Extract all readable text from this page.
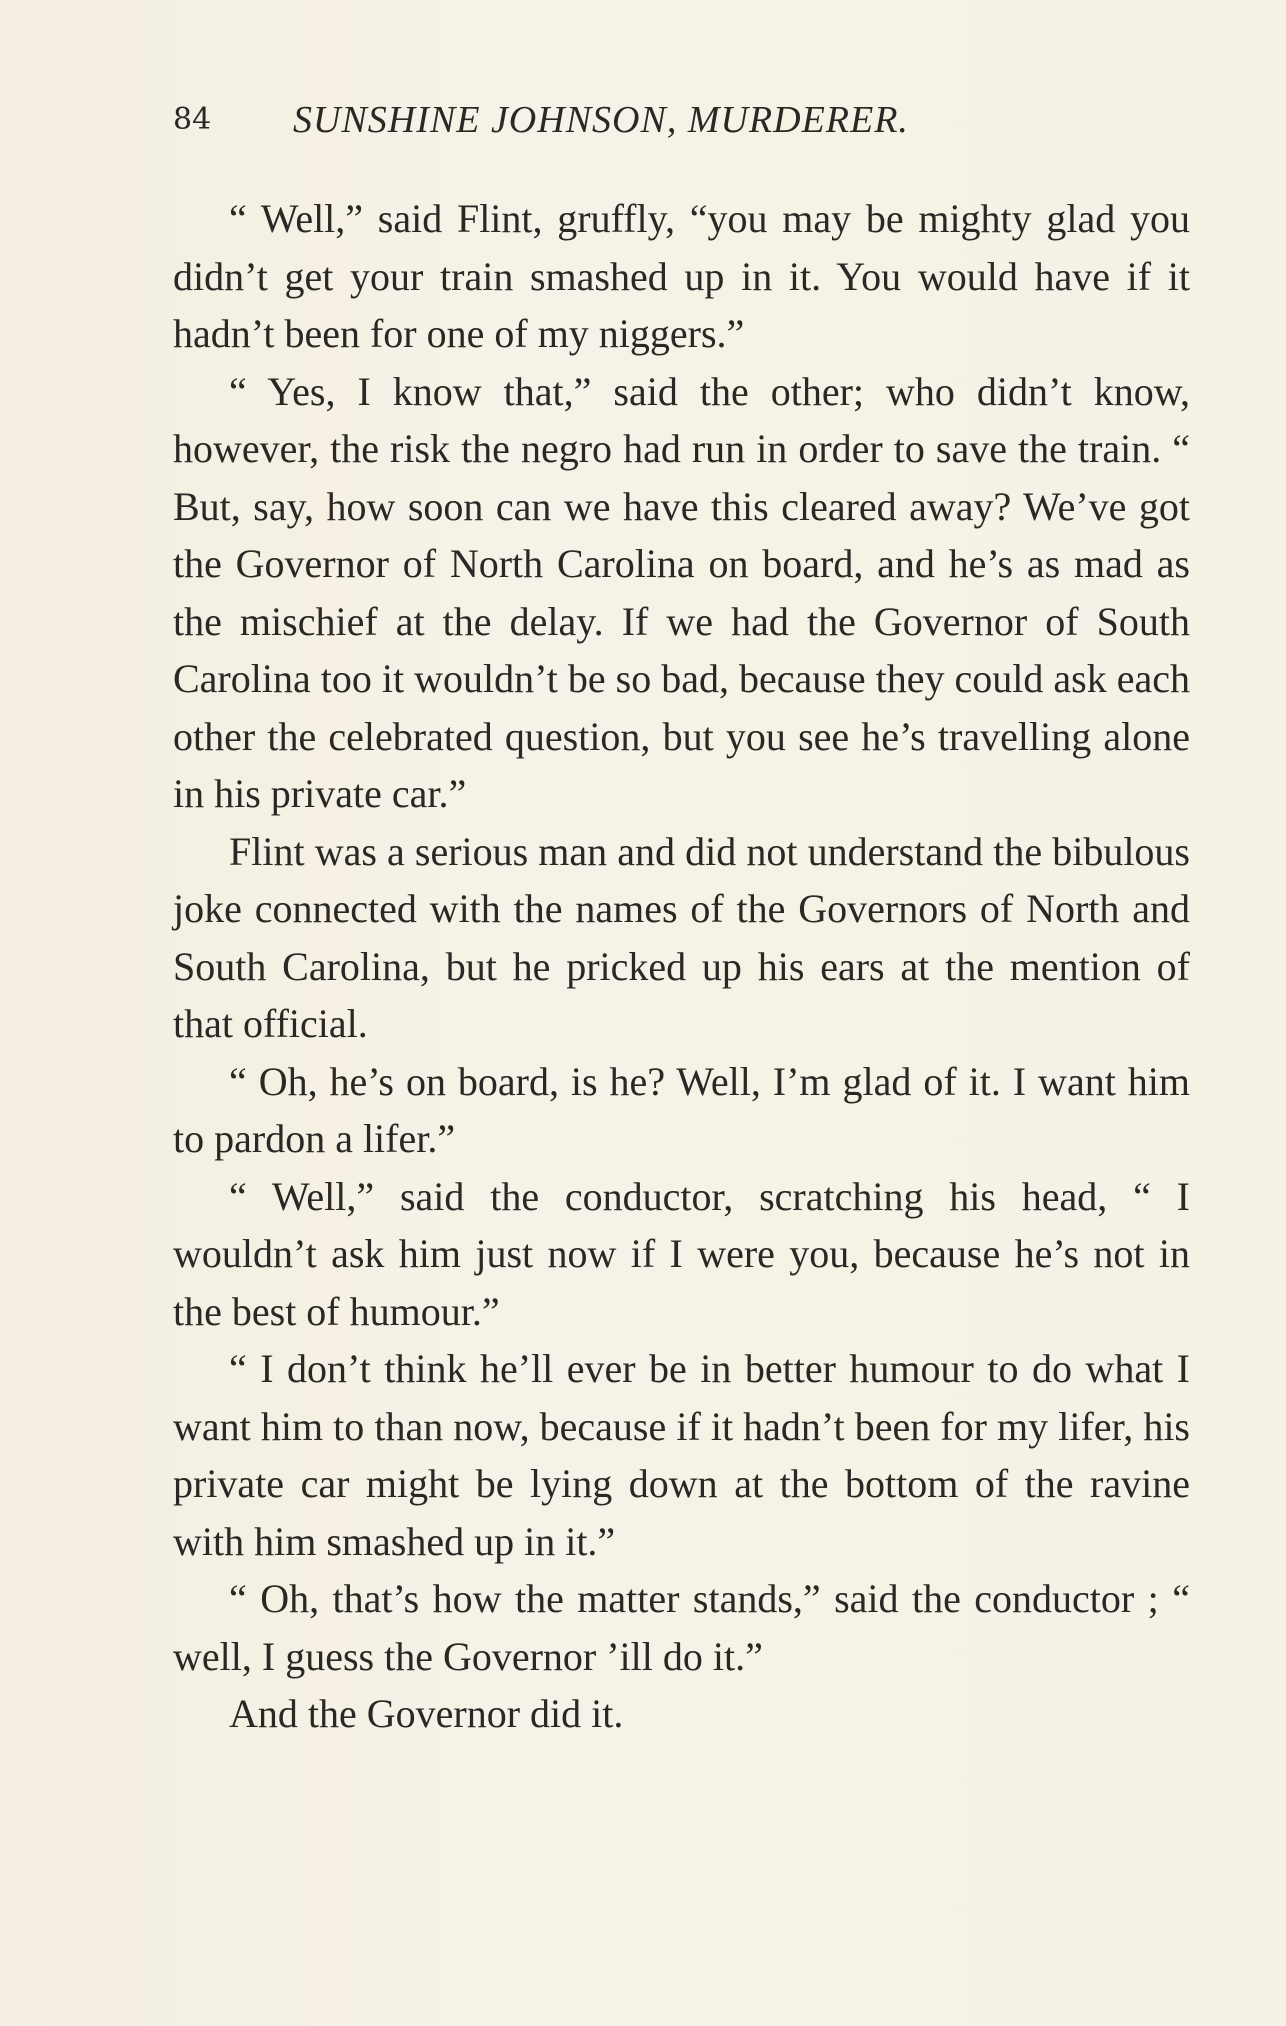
84 SUNSHINE JOHNSON, MURDERER.

“ Well,” said Flint, gruffly, “you may be mighty glad you didn’t get your train smashed up in it. You would have if it hadn’t been for one of my niggers.”

“ Yes, I know that,” said the other; who didn’t know, however, the risk the negro had run in order to save the train. “ But, say, how soon can we have this cleared away? We’ve got the Governor of North Carolina on board, and he’s as mad as the mischief at the delay. If we had the Governor of South Carolina too it wouldn’t be so bad, because they could ask each other the celebrated question, but you see he’s travelling alone in his private car.”

Flint was a serious man and did not understand the bibulous joke connected with the names of the Governors of North and South Carolina, but he pricked up his ears at the mention of that official.

“ Oh, he’s on board, is he? Well, I’m glad of it. I want him to pardon a lifer.”

“ Well,” said the conductor, scratching his head, “ I wouldn’t ask him just now if I were you, because he’s not in the best of humour.”

“ I don’t think he’ll ever be in better humour to do what I want him to than now, because if it hadn’t been for my lifer, his private car might be lying down at the bottom of the ravine with him smashed up in it.”

“ Oh, that’s how the matter stands,” said the conductor ; “ well, I guess the Governor ’ill do it.”

And the Governor did it.
